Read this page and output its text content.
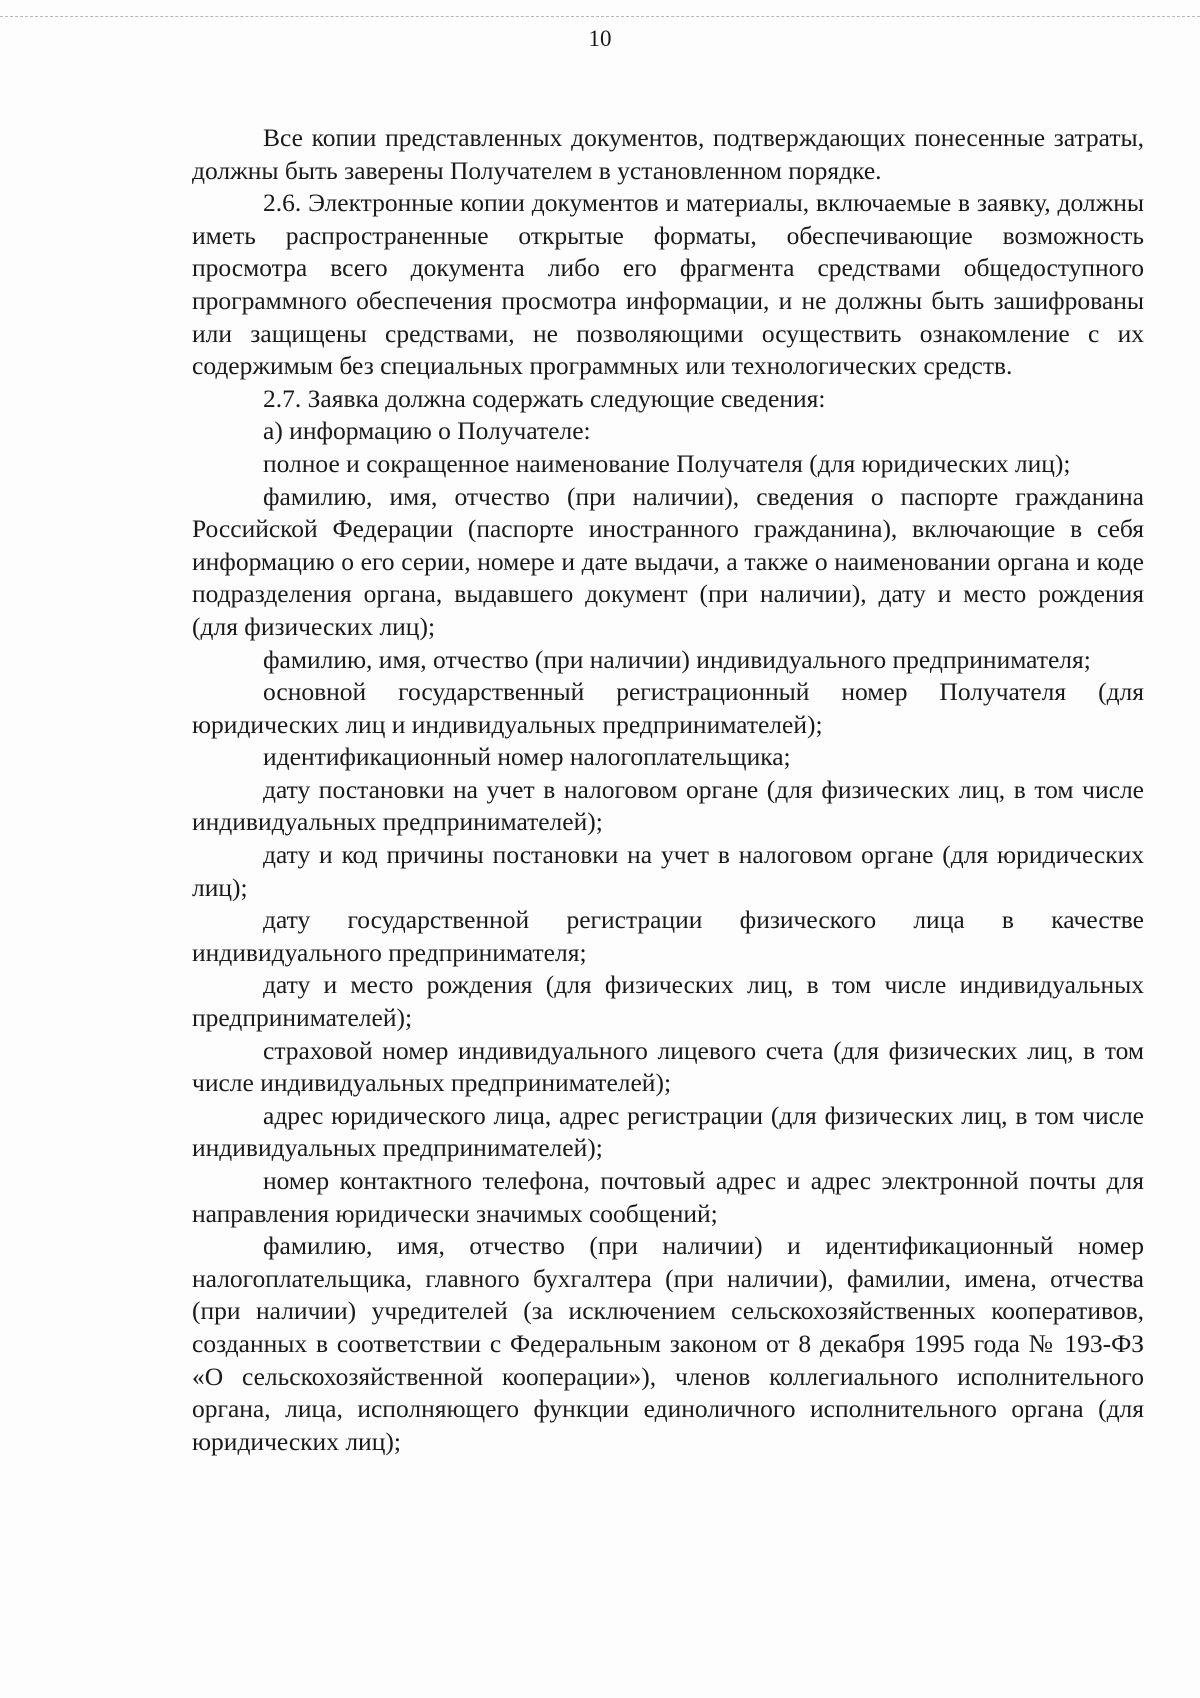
10

Все копии представленных документов, подтверждающих понесенные затраты, должны быть заверены Получателем в установленном порядке.

2.6. Электронные копии документов и материалы, включаемые в заявку, должны иметь распространенные открытые форматы, обеспечивающие возможность просмотра всего документа либо его фрагмента средствами общедоступного программного обеспечения просмотра информации, и не должны быть зашифрованы или защищены средствами, не позволяющими осуществить ознакомление с их содержимым без специальных программных или технологических средств.

2.7. Заявка должна содержать следующие сведения:

а) информацию о Получателе:

полное и сокращенное наименование Получателя (для юридических лиц);

фамилию, имя, отчество (при наличии), сведения о паспорте гражданина Российской Федерации (паспорте иностранного гражданина), включающие в себя информацию о его серии, номере и дате выдачи, а также о наименовании органа и коде подразделения органа, выдавшего документ (при наличии), дату и место рождения (для физических лиц);

фамилию, имя, отчество (при наличии) индивидуального предпринимателя;

основной государственный регистрационный номер Получателя (для юридических лиц и индивидуальных предпринимателей);

идентификационный номер налогоплательщика;

дату постановки на учет в налоговом органе (для физических лиц, в том числе индивидуальных предпринимателей);

дату и код причины постановки на учет в налоговом органе (для юридических лиц);

дату государственной регистрации физического лица в качестве индивидуального предпринимателя;

дату и место рождения (для физических лиц, в том числе индивидуальных предпринимателей);

страховой номер индивидуального лицевого счета (для физических лиц, в том числе индивидуальных предпринимателей);

адрес юридического лица, адрес регистрации (для физических лиц, в том числе индивидуальных предпринимателей);

номер контактного телефона, почтовый адрес и адрес электронной почты для направления юридически значимых сообщений;

фамилию, имя, отчество (при наличии) и идентификационный номер налогоплательщика, главного бухгалтера (при наличии), фамилии, имена, отчества (при наличии) учредителей (за исключением сельскохозяйственных кооперативов, созданных в соответствии с Федеральным законом от 8 декабря 1995 года № 193-ФЗ «О сельскохозяйственной кооперации»), членов коллегиального исполнительного органа, лица, исполняющего функции единоличного исполнительного органа (для юридических лиц);
